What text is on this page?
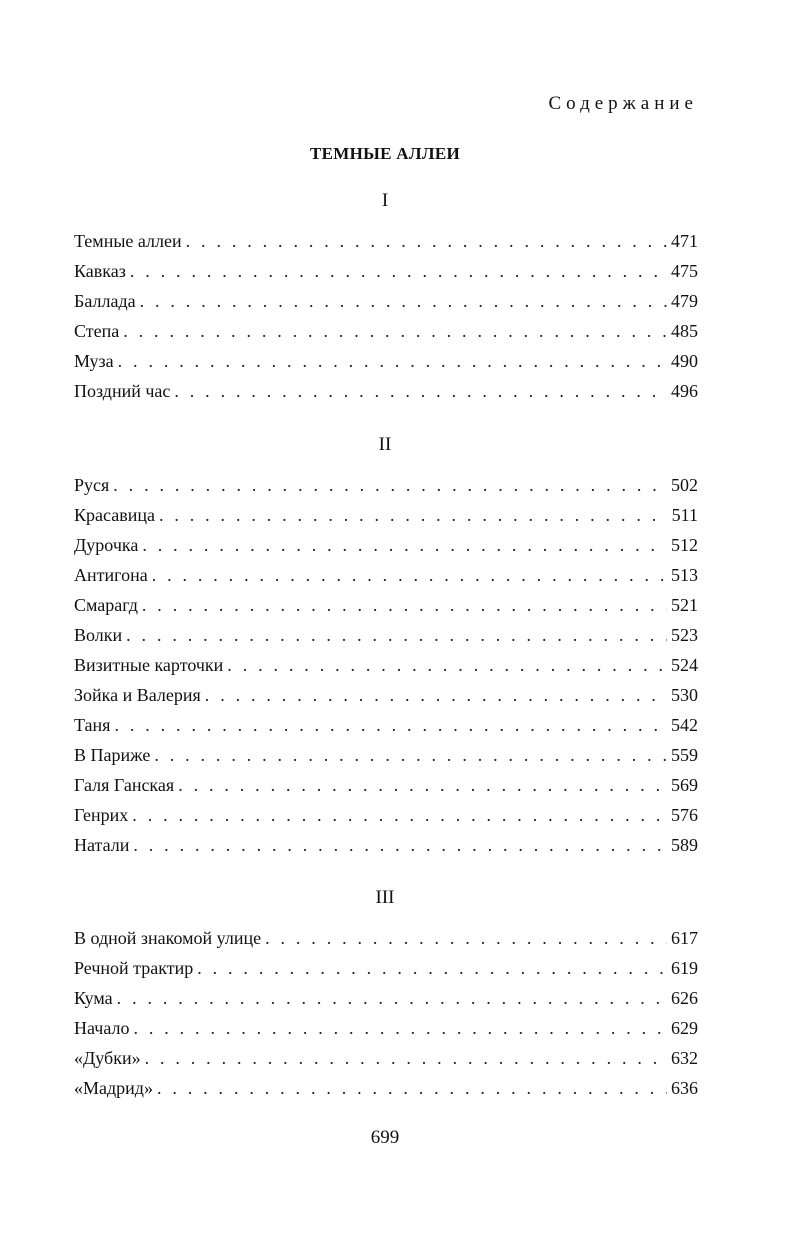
Содержание
ТЕМНЫЕ АЛЛЕИ
I
Темные аллеи . . .	471
Кавказ . . .	475
Баллада . . .	479
Степа . . .	485
Муза . . .	490
Поздний час . . .	496
II
Руся . . .	502
Красавица . . .	511
Дурочка . . .	512
Антигона . . .	513
Смарагд . . .	521
Волки . . .	523
Визитные карточки . . .	524
Зойка и Валерия . . .	530
Таня . . .	542
В Париже . . .	559
Галя Ганская . . .	569
Генрих . . .	576
Натали . . .	589
III
В одной знакомой улице . . .	617
Речной трактир . . .	619
Кума . . .	626
Начало . . .	629
«Дубки» . . .	632
«Мадрид» . . .	636
699
